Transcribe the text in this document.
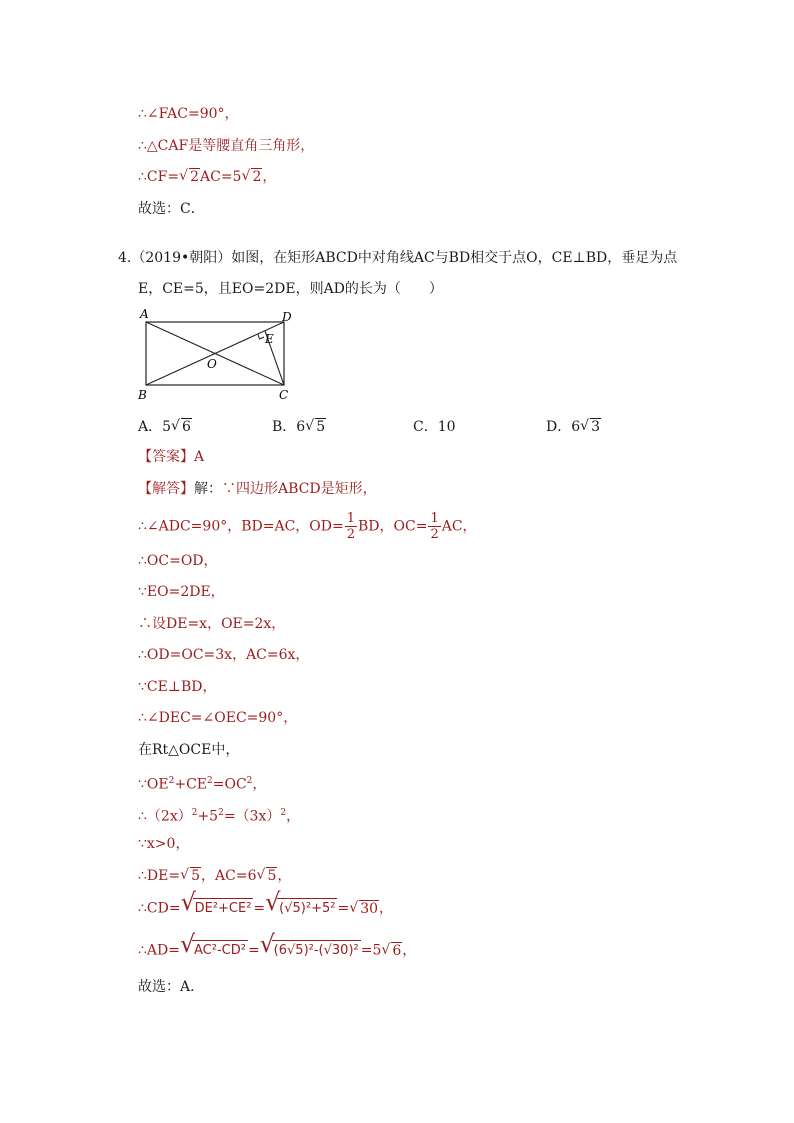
∴∠FAC=90°，
∴△CAF是等腰直角三角形，
∴CF= √ 2AC=5 √ 2，
故选：C．
4.（2019•朝阳）如图，在矩形ABCD中对角线AC与BD相交于点O，CE⊥BD，垂足为点
E，CE=5，且EO=2DE，则AD的长为（　　）
A
B	C
D
E
O
A．5 √ 6	B．6 √ 5	C．10	D．6 √ 3
【答案】A
【解答】解：∵四边形ABCD是矩形，
∴∠ADC=90°，BD=AC，$OD= \frac{1}{2}$ BD，$OC= \frac{1}{2}$ AC，
∴OC=OD，
∵EO=2DE，
∴设DE=x，OE=2x，
∴OD=OC=3x，AC=6x，
∵CE⊥BD，
∴∠DEC=∠OEC=90°，
在Rt△OCE中，
$\because OE^2+CE^2=OC^2$，
$\therefore(2x)^2+5^2=(3x)^2$，
∵x>0，
∴DE= √ 5，AC=6 √ 5，
∴CD= √ DE²+CE² = √ (√5)²+5² = √ 30，
∴AD= √ AC²-CD² = √ (6√5)²-(√30)² =5 √ 6，
故选：A．
